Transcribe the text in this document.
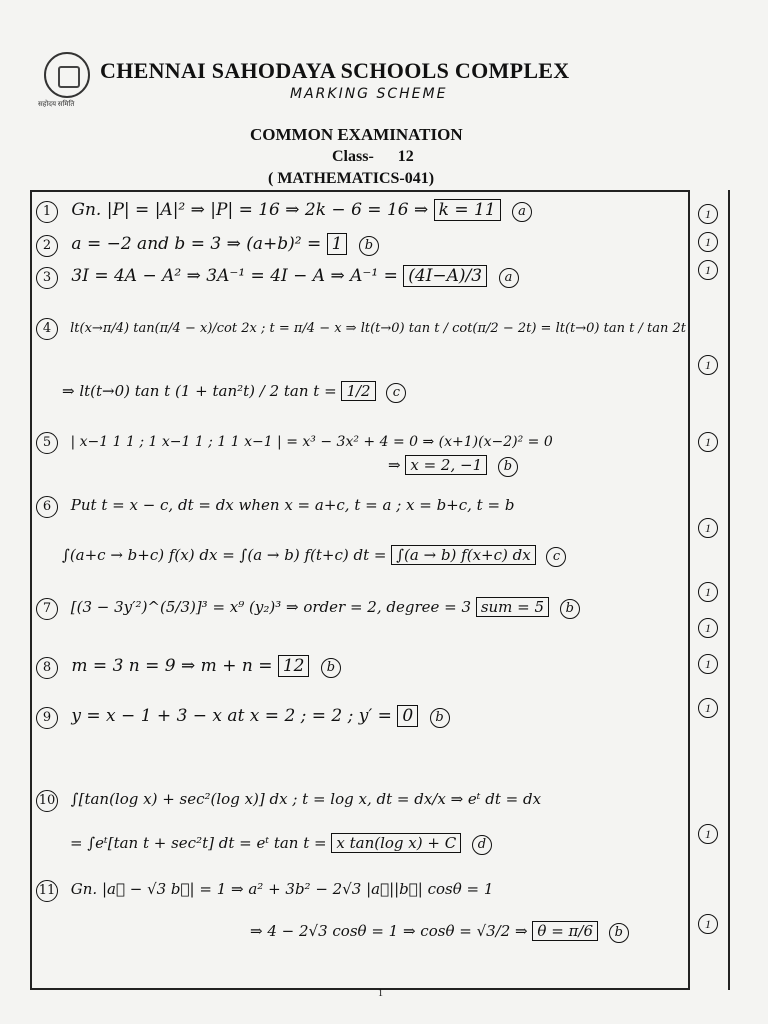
सहोदय समिति
CHENNAI SAHODAYA SCHOOLS COMPLEX
MARKING SCHEME
COMMON EXAMINATION
Class- 12
( MATHEMATICS-041)
1 Gn. |P| = |A|² ⇒ |P| = 16 ⇒ 2k − 6 = 16 ⇒ k = 11 a	1
2 a = −2 and b = 3 ⇒ (a+b)² = 1 b	1
3 3I = 4A − A² ⇒ 3A⁻¹ = 4I − A ⇒ A⁻¹ = (4I−A)/3 a	1
4 lt(x→π/4) tan(π/4 − x)/cot 2x ; t = π/4 − x ⇒ lt(t→0) tan t / cot(π/2 − 2t) = lt(t→0) tan t / tan 2t
⇒ lt(t→0) tan t (1 + tan²t) / 2 tan t = 1/2 c
1
5 | x−1 1 1 ; 1 x−1 1 ; 1 1 x−1 | = x³ − 3x² + 4 = 0 ⇒ (x+1)(x−2)² = 0
⇒ x = 2, −1 b
1
6 Put t = x − c, dt = dx when x = a+c, t = a ; x = b+c, t = b
∫(a+c → b+c) f(x) dx = ∫(a → b) f(t+c) dt = ∫(a → b) f(x+c) dx c
1
7 [(3 − 3y′²)^(5/3)]³ = x⁹ (y₂)³ ⇒ order = 2, degree = 3 sum = 5 b
1
1
8 m = 3 n = 9 ⇒ m + n = 12 b	1
9 y = x − 1 + 3 − x at x = 2 ; = 2 ; y′ = 0 b
1
10 ∫[tan(log x) + sec²(log x)] dx ; t = log x, dt = dx/x ⇒ eᵗ dt = dx
= ∫eᵗ[tan t + sec²t] dt = eᵗ tan t = x tan(log x) + C d
1
11 Gn. |a⃗ − √3 b⃗| = 1 ⇒ a² + 3b² − 2√3 |a⃗||b⃗| cosθ = 1
⇒ 4 − 2√3 cosθ = 1 ⇒ cosθ = √3/2 ⇒ θ = π/6 b
1
1
